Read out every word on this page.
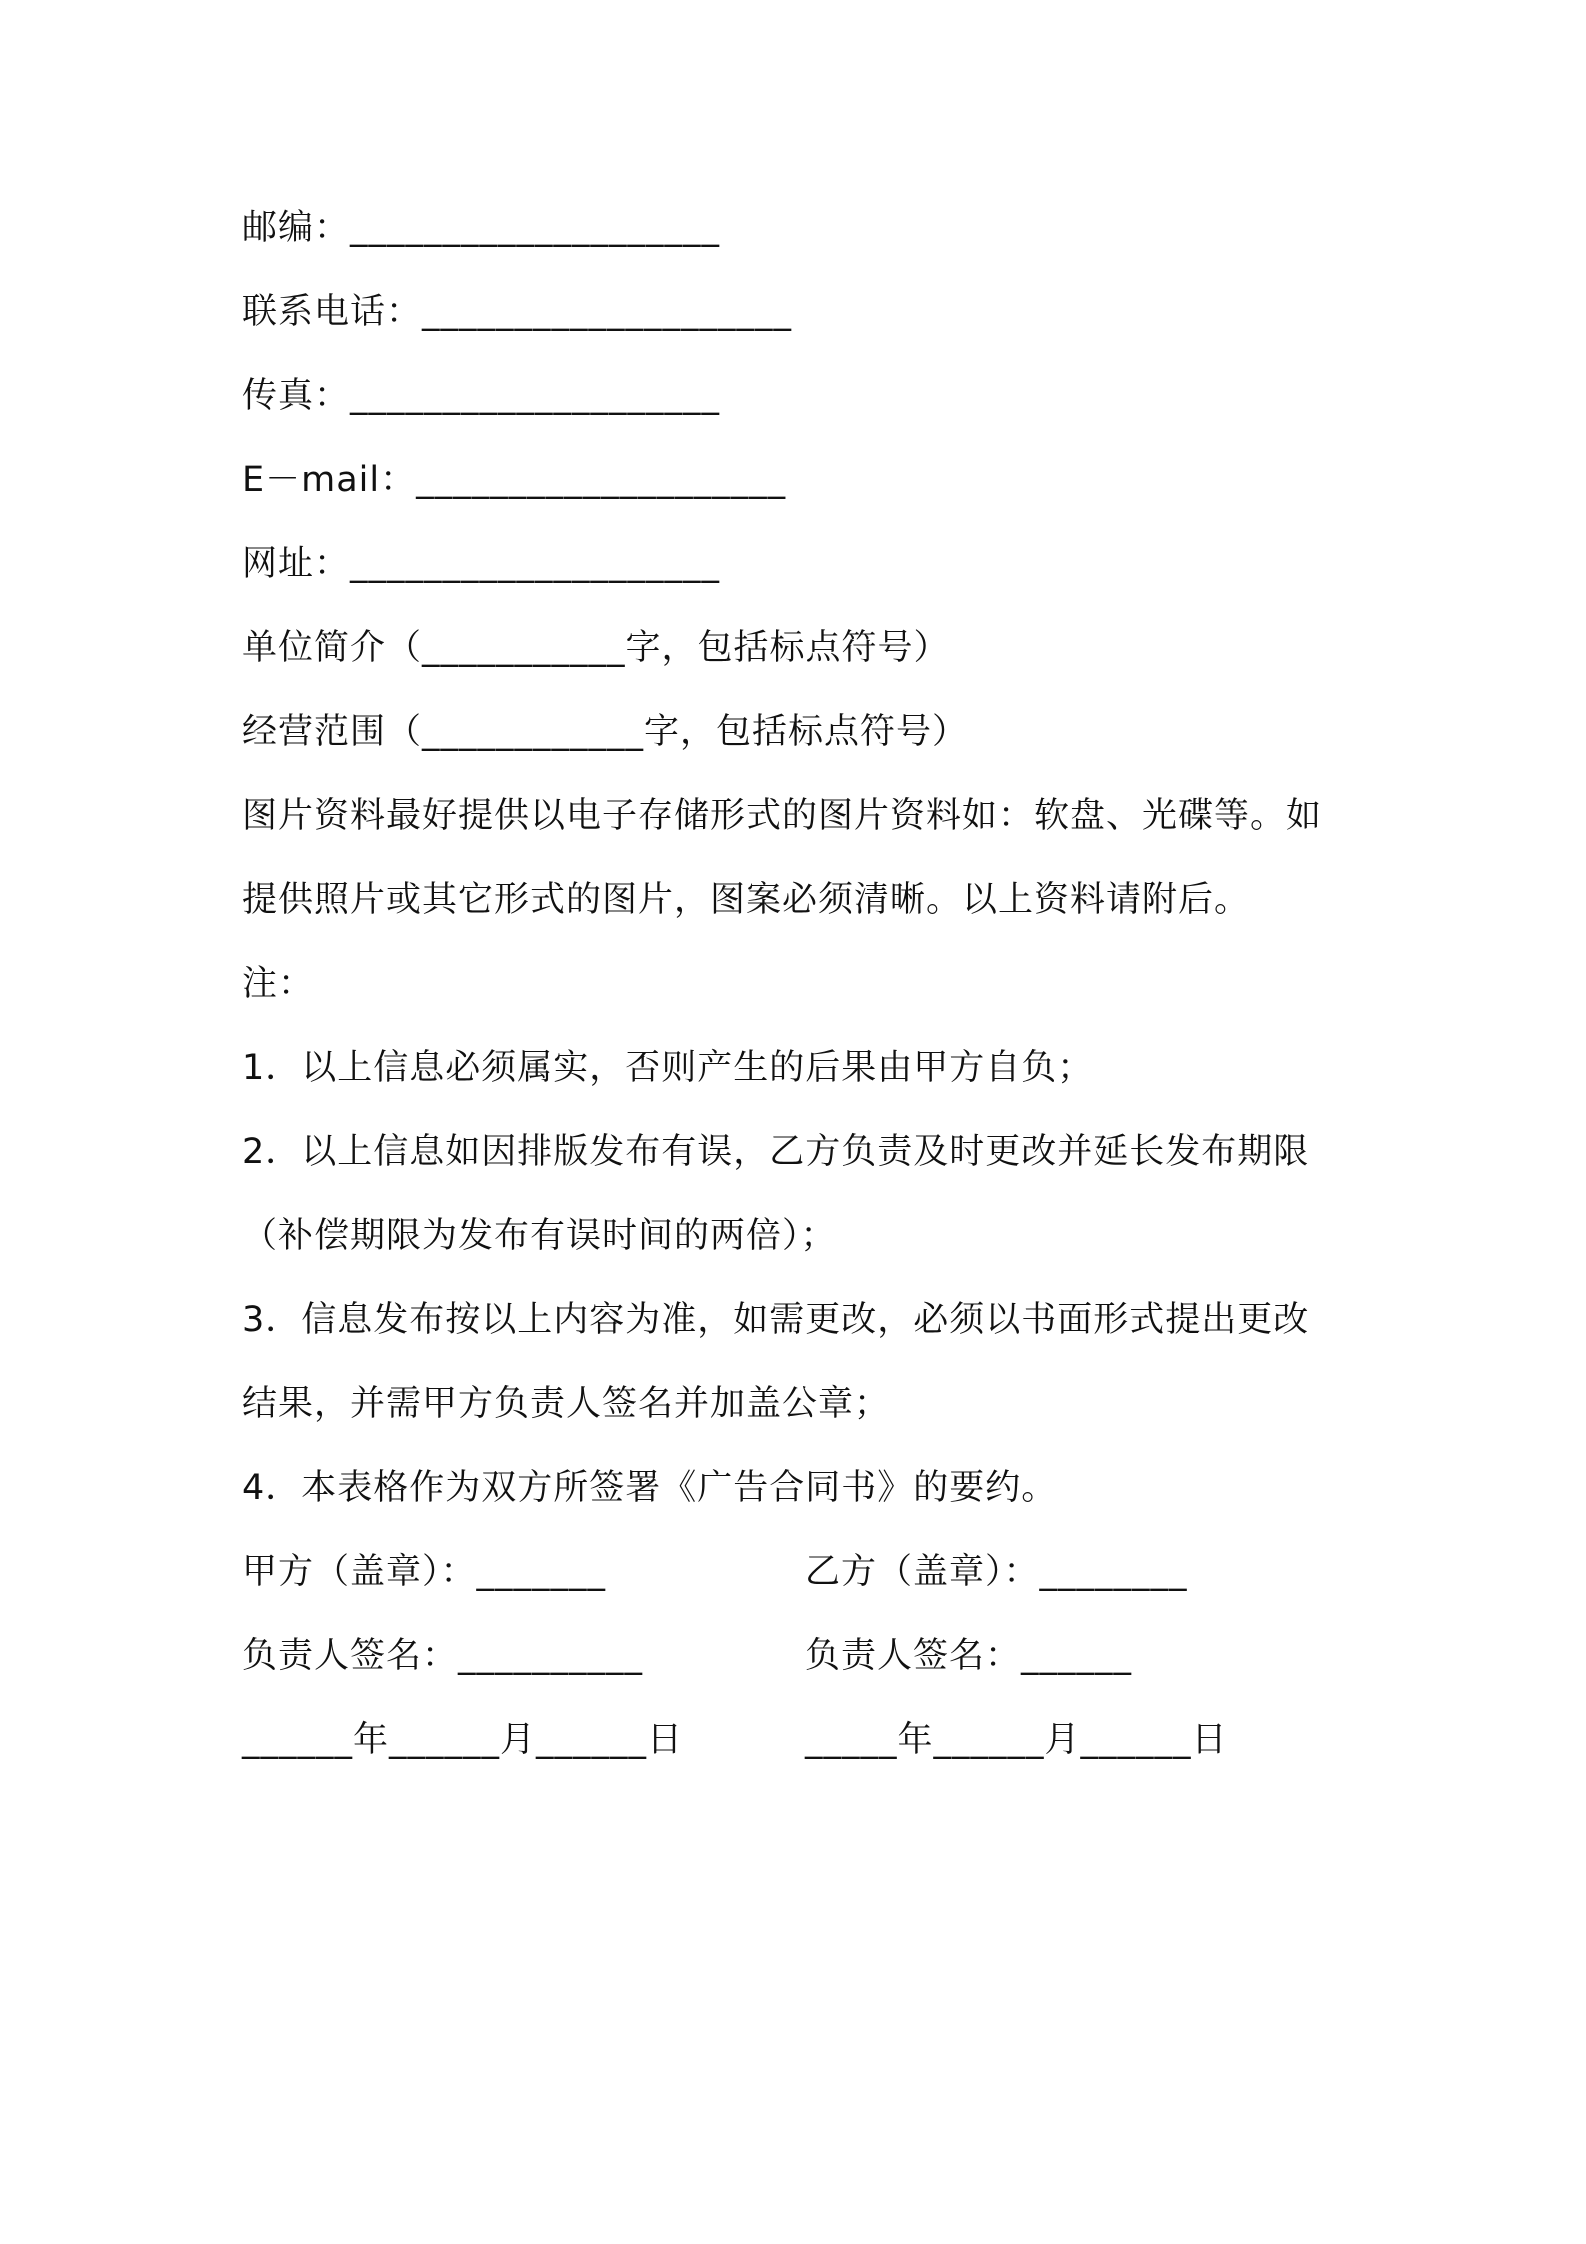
邮编：____________________
联系电话：____________________
传真：____________________
E－mail：____________________
网址：____________________
单位简介（___________字，包括标点符号）
经营范围（____________字，包括标点符号）
图片资料最好提供以电子存储形式的图片资料如：软盘、光碟等。如
提供照片或其它形式的图片，图案必须清晰。以上资料请附后。
注：
1．以上信息必须属实，否则产生的后果由甲方自负；
2．以上信息如因排版发布有误，乙方负责及时更改并延长发布期限
（补偿期限为发布有误时间的两倍）；
3．信息发布按以上内容为准，如需更改，必须以书面形式提出更改
结果，并需甲方负责人签名并加盖公章；
4．本表格作为双方所签署《广告合同书》的要约。
甲方（盖章）：_______	乙方（盖章）：________
负责人签名：__________	负责人签名：______
______年______月______日	_____年______月______日
